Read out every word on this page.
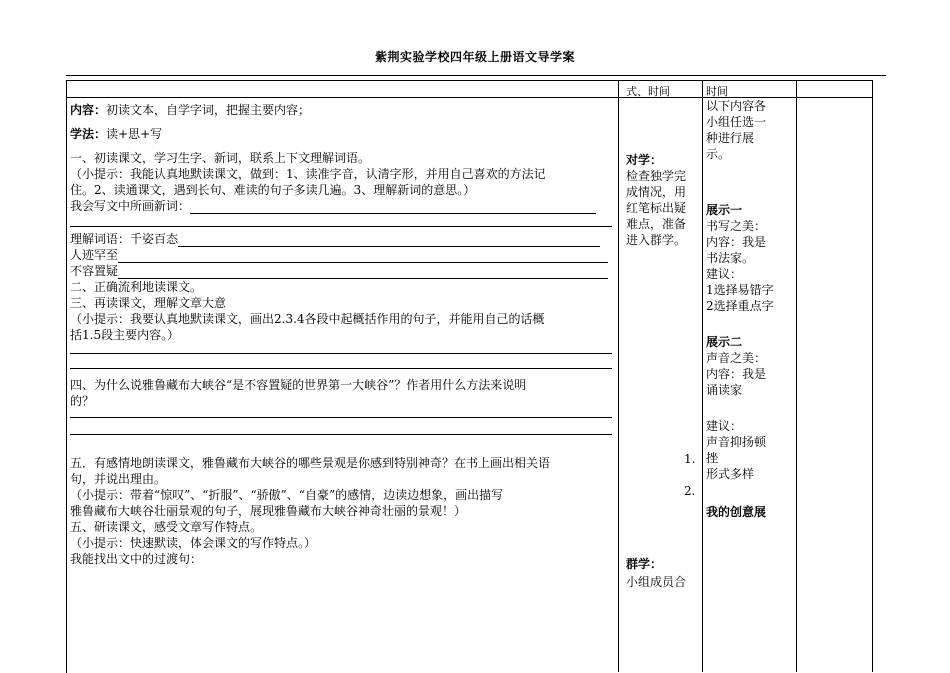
紫荆实验学校四年级上册语文导学案
式、时间	时间

内容：初读文本，自学字词，把握主要内容；

学法：读+思+写

一、初读课文，学习生字、新词，联系上下文理解词语。

（小提示：我能认真地默读课文，做到：1、读准字音，认清字形，并用自己喜欢的方法记

住。2、读通课文，遇到长句、难读的句子多读几遍。3、理解新词的意思。）

我会写文中所画新词：

理解词语：千姿百态

人迹罕至

不容置疑

二、正确流利地读课文。

三、再读课文，理解文章大意

（小提示：我要认真地默读课文，画出2.3.4各段中起概括作用的句子，并能用自己的话概

括1.5段主要内容。）

四、为什么说雅鲁藏布大峡谷“是不容置疑的世界第一大峡谷”？作者用什么方法来说明

的？

五．有感情地朗读课文，雅鲁藏布大峡谷的哪些景观是你感到特别神奇？在书上画出相关语

句，并说出理由。

（小提示：带着“惊叹”、“折服”、“骄傲”、“自豪”的感情，边读边想象，画出描写

雅鲁藏布大峡谷壮丽景观的句子，展现雅鲁藏布大峡谷神奇壮丽的景观！）

五、研读课文，感受文章写作特点。

（小提示：快速默读，体会课文的写作特点。）

我能找出文中的过渡句：

对学：

检查独学完

成情况，用

红笔标出疑

难点，准备

进入群学。

1.
2.

群学：

小组成员合

以下内容各

小组任选一

种进行展

示。

展示一

书写之美：

内容：我是

书法家。

建议：

1选择易错字

2选择重点字

展示二

声音之美：

内容：我是

诵读家

建议：

声音抑扬顿

挫

形式多样

我的创意展
